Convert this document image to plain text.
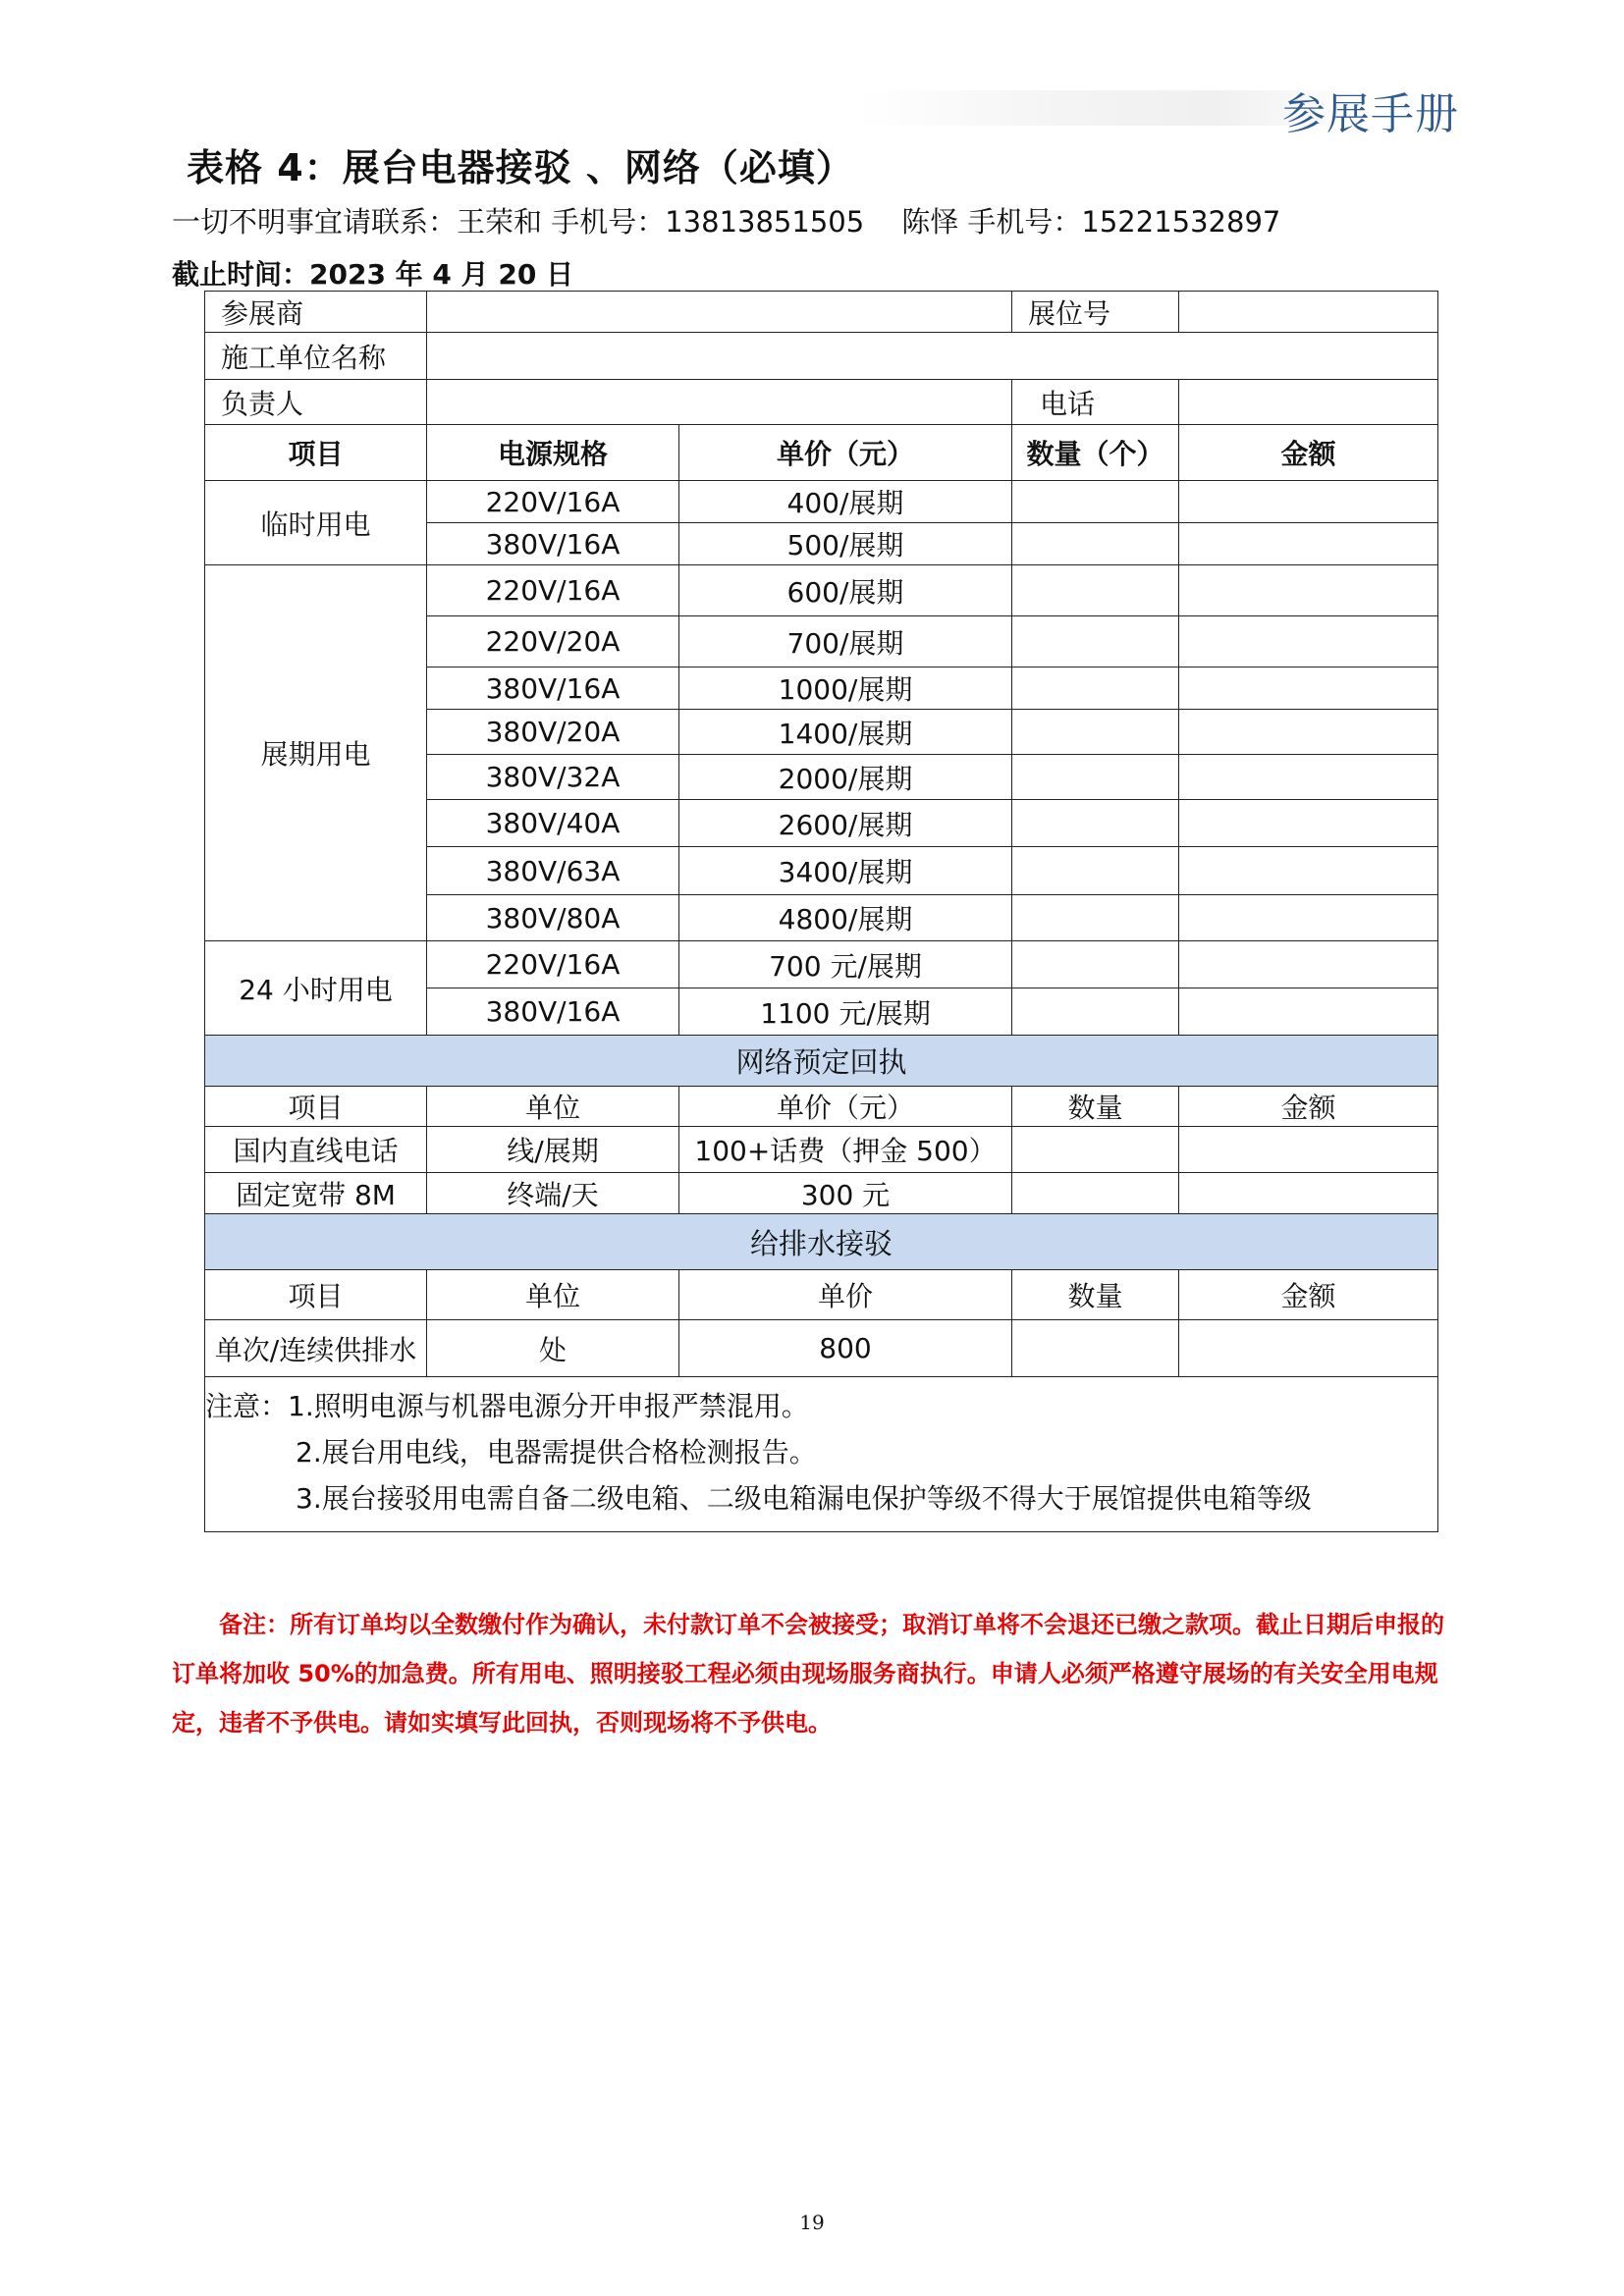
参展手册
表格 4：展台电器接驳 、网络（必填）
一切不明事宜请联系：王荣和 手机号：13813851505 陈怿 手机号：15221532897
截止时间：2023 年 4 月 20 日
参展商			展位号	
施工单位名称				
负责人			电话	
项目	电源规格	单价（元）	数量（个）	金额
临时用电	220V/16A	400/展期		
	380V/16A	500/展期		
展期用电	220V/16A	600/展期		
	220V/20A	700/展期		
	380V/16A	1000/展期		
	380V/20A	1400/展期		
	380V/32A	2000/展期		
	380V/40A	2600/展期		
	380V/63A	3400/展期		
	380V/80A	4800/展期		
24 小时用电	220V/16A	700 元/展期		
	380V/16A	1100 元/展期		
网络预定回执				
项目	单位	单价（元）	数量	金额
国内直线电话	线/展期	100+话费（押金 500）		
固定宽带 8M	终端/天	300 元		
给排水接驳				
项目	单位	单价	数量	金额
单次/连续供排水	处	800		

注意：1.照明电源与机器电源分开申报严禁混用。
2.展台用电线，电器需提供合格检测报告。
3.展台接驳用电需自备二级电箱、二级电箱漏电保护等级不得大于展馆提供电箱等级				
备注：所有订单均以全数缴付作为确认，未付款订单不会被接受；取消订单将不会退还已缴之款项。截止日期后申报的订单将加收 50%的加急费。所有用电、照明接驳工程必须由现场服务商执行。申请人必须严格遵守展场的有关安全用电规定，违者不予供电。请如实填写此回执，否则现场将不予供电。
19
